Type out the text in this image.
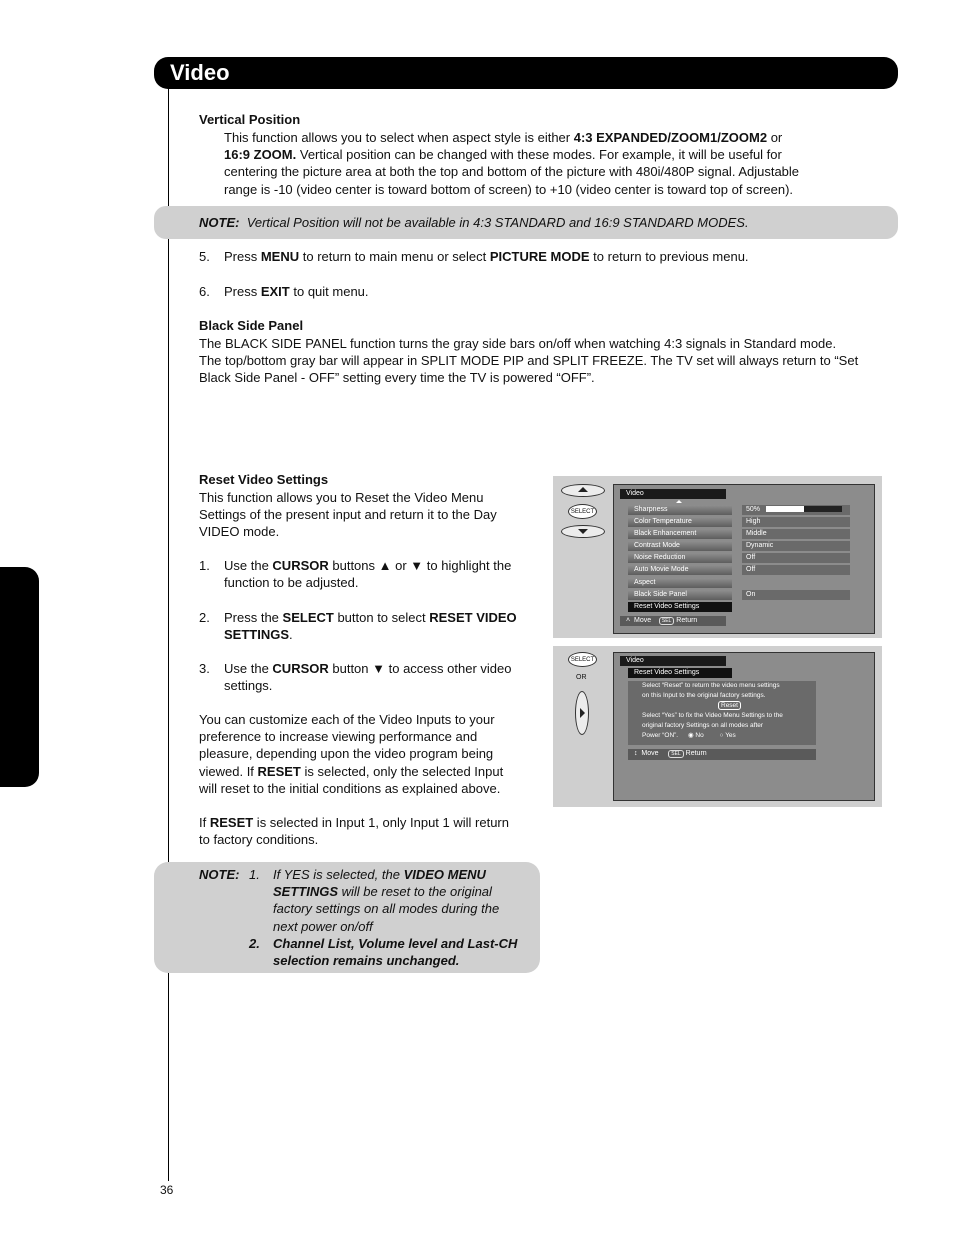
Video
Vertical Position
This function allows you to select when aspect style is either 4:3 EXPANDED/ZOOM1/ZOOM2 or
16:9 ZOOM. Vertical position can be changed with these modes. For example, it will be useful for
centering the picture area at both the top and bottom of the picture with 480i/480P signal. Adjustable
range is -10 (video center is toward bottom of screen) to +10 (video center is toward top of screen).
NOTE: Vertical Position will not be available in 4:3 STANDARD and 16:9 STANDARD MODES.
5. Press MENU to return to main menu or select PICTURE MODE to return to previous menu.
6. Press EXIT to quit menu.
Black Side Panel
The BLACK SIDE PANEL function turns the gray side bars on/off when watching 4:3 signals in Standard mode.
The top/bottom gray bar will appear in SPLIT MODE PIP and SPLIT FREEZE. The TV set will always return to “Set
Black Side Panel - OFF” setting every time the TV is powered “OFF”.
Reset Video Settings
This function allows you to Reset the Video Menu
Settings of the present input and return it to the Day
VIDEO mode.
1. Use the CURSOR buttons ▲ or ▼ to highlight the
function to be adjusted.
2. Press the SELECT button to select RESET VIDEO
SETTINGS.
3. Use the CURSOR button ▼ to access other video
settings.
You can customize each of the Video Inputs to your
preference to increase viewing performance and
pleasure, depending upon the video program being
viewed. If RESET is selected, only the selected Input
will reset to the initial conditions as explained above.
If RESET is selected in Input 1, only Input 1 will return
to factory conditions.
NOTE: 1. If YES is selected, the VIDEO MENU
SETTINGS will be reset to the original
factory settings on all modes during the
next power on/off
2. Channel List, Volume level and Last-CH
selection remains unchanged.
SELECT
Video
Sharpness
Color Temperature
Black Enhancement
Contrast Mode
Noise Reduction
Auto Movie Mode
Aspect
Black Side Panel
Reset Video Settings
50%
High
Middle
Dynamic
Off
Off
On
˄ Move SEL Return
SELECT
OR
Video
Reset Video Settings
Select “Reset” to return the video menu settings
on this Input to the original factory settings.
Reset
Select “Yes” to fix the Video Menu Settings to the
original factory Settings on all modes after
Power “ON”. ◉ No ○ Yes
↕ Move	SEL Return
36
